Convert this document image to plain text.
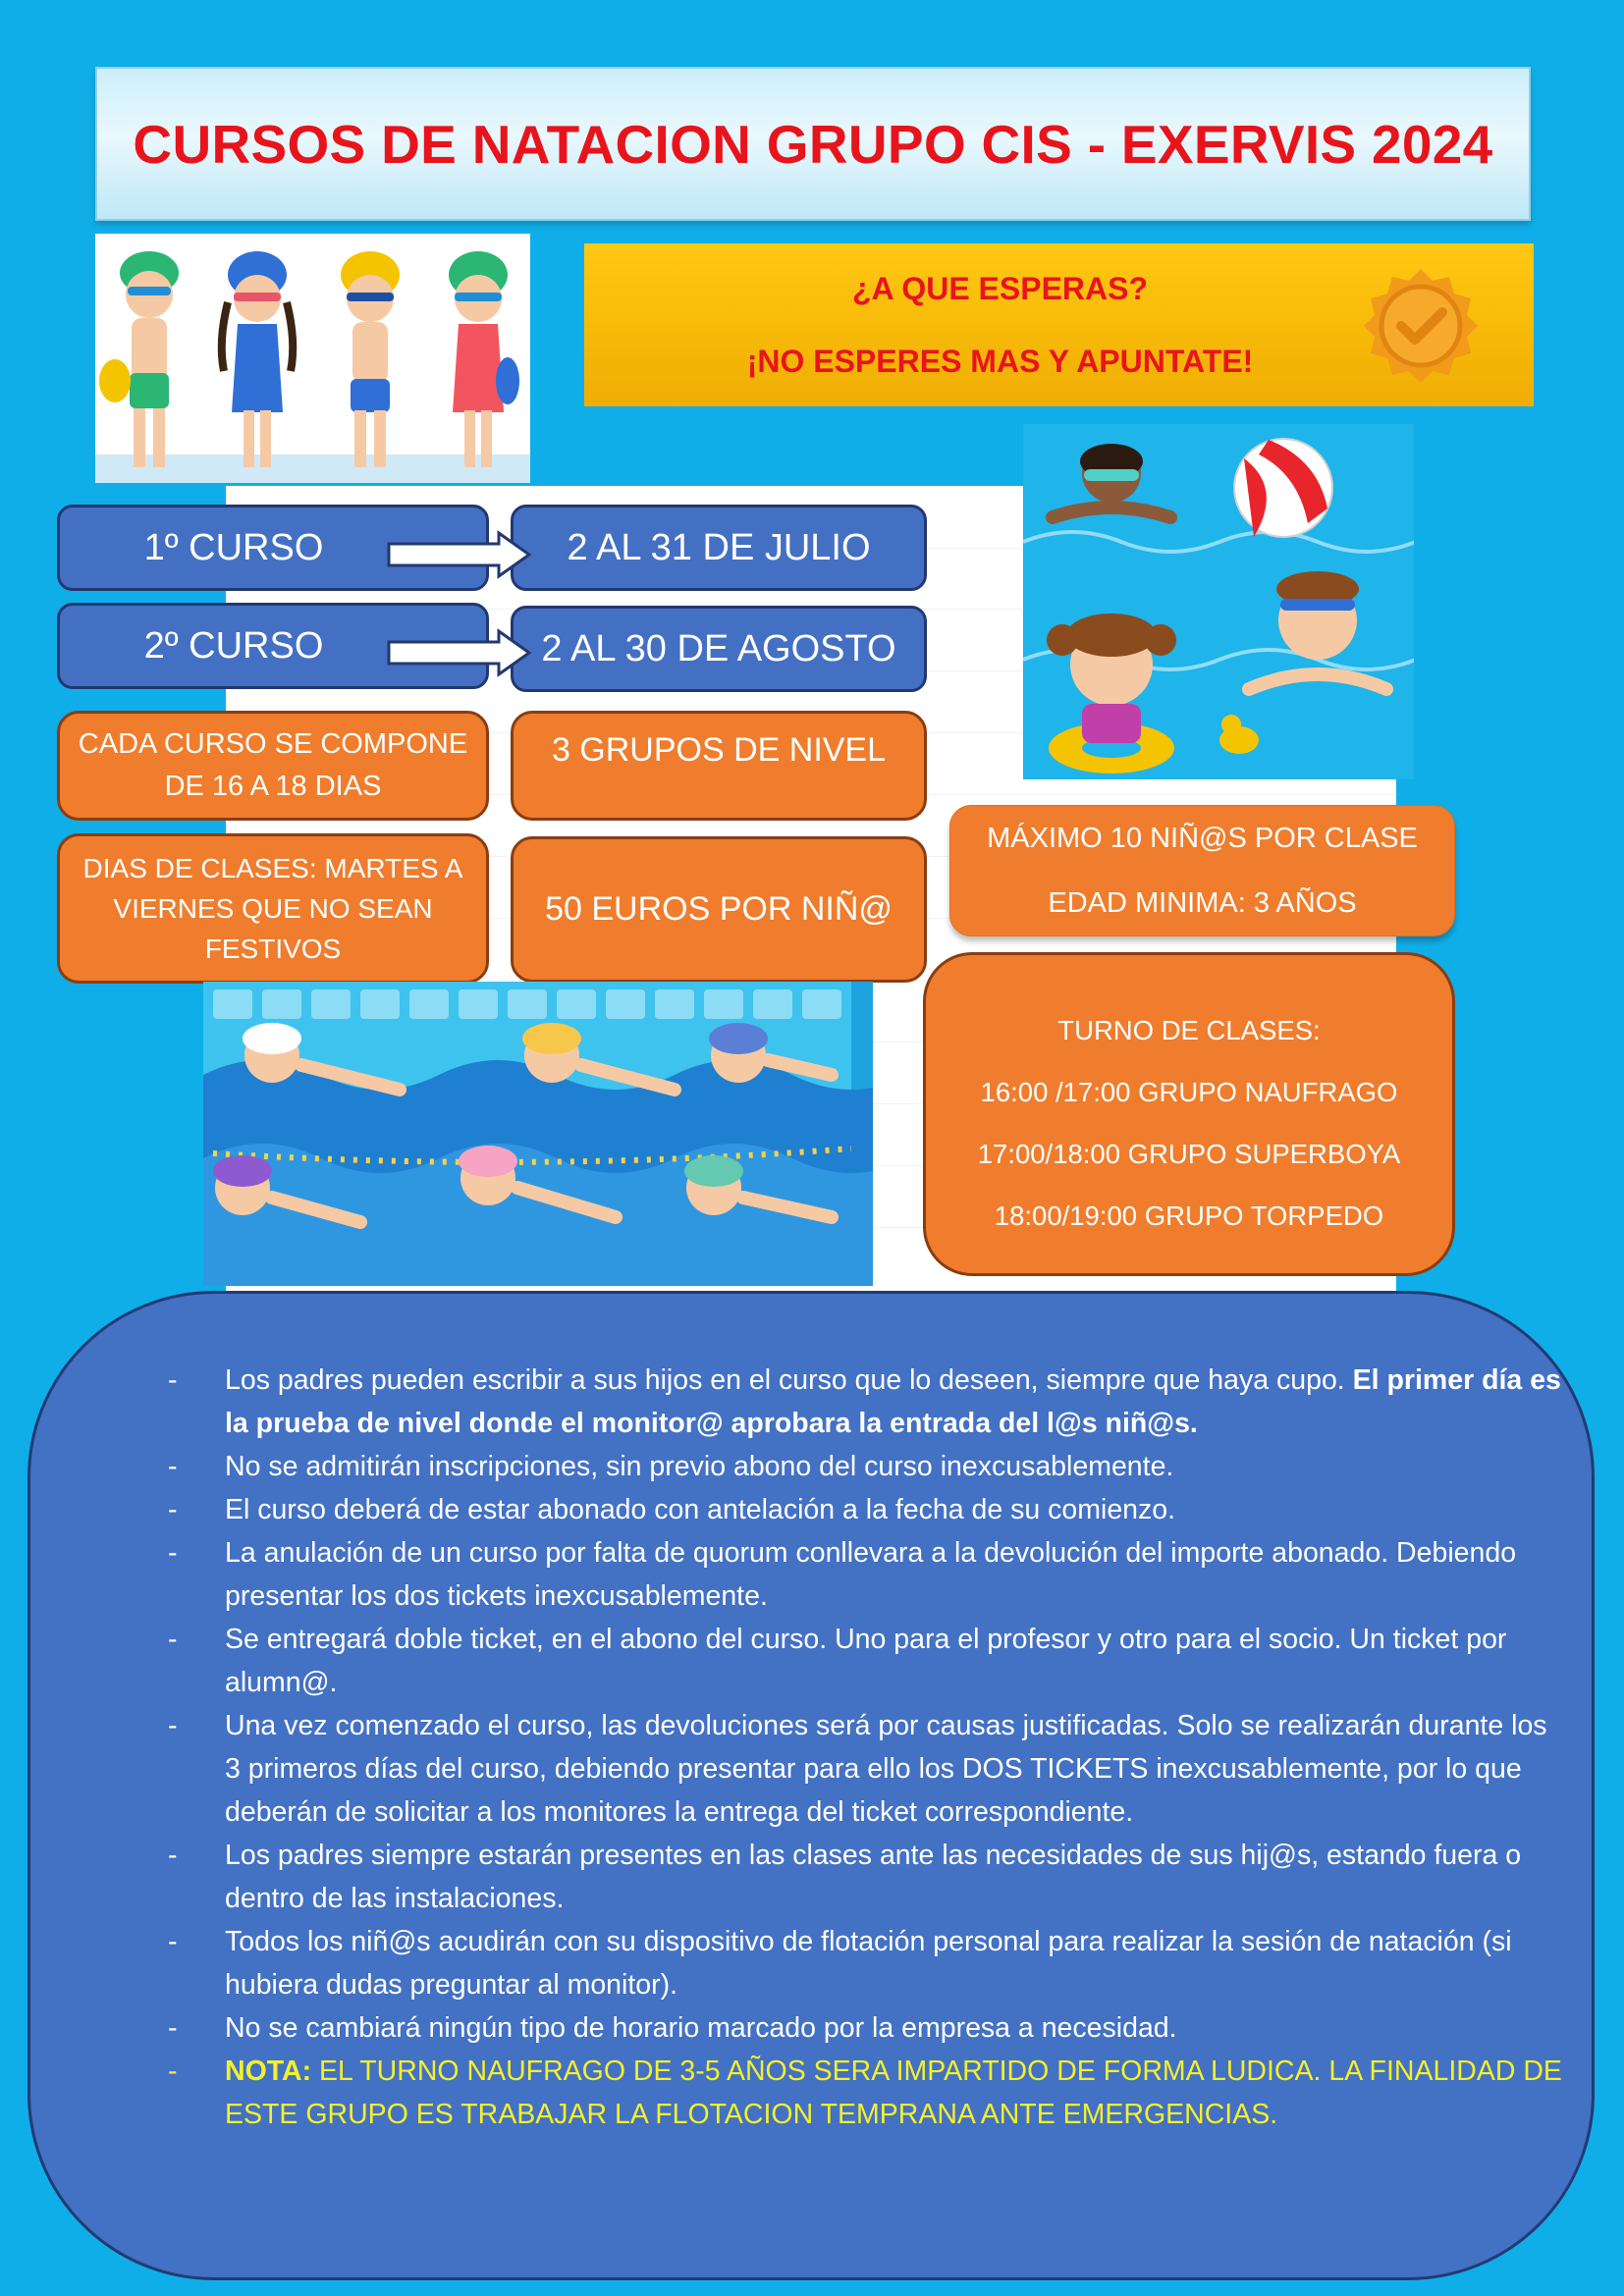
CURSOS DE NATACION GRUPO CIS - EXERVIS 2024
¿A QUE ESPERAS?
¡NO ESPERES MAS Y APUNTATE!
1º CURSO	2 AL 31 DE JULIO
2º CURSO	2 AL 30 DE AGOSTO
CADA CURSO SE COMPONE
DE 16 A 18 DIAS
3 GRUPOS DE NIVEL
DIAS DE CLASES: MARTES A
VIERNES QUE NO SEAN
FESTIVOS
50 EUROS POR NIÑ@
MÁXIMO 10 NIÑ@S POR CLASE
EDAD MINIMA: 3 AÑOS
TURNO DE CLASES:
16:00 /17:00 GRUPO NAUFRAGO
17:00/18:00 GRUPO SUPERBOYA
18:00/19:00 GRUPO TORPEDO
- Los padres pueden escribir a sus hijos en el curso que lo deseen, siempre que haya cupo. El primer día es la prueba de nivel donde el monitor@ aprobara la entrada del l@s niñ@s.
- No se admitirán inscripciones, sin previo abono del curso inexcusablemente.
- El curso deberá de estar abonado con antelación a la fecha de su comienzo.
- La anulación de un curso por falta de quorum conllevara a la devolución del importe abonado. Debiendo presentar los dos tickets inexcusablemente.
- Se entregará doble ticket, en el abono del curso. Uno para el profesor y otro para el socio. Un ticket por alumn@.
- Una vez comenzado el curso, las devoluciones será por causas justificadas. Solo se realizarán durante los 3 primeros días del curso, debiendo presentar para ello los DOS TICKETS inexcusablemente, por lo que deberán de solicitar a los monitores la entrega del ticket correspondiente.
- Los padres siempre estarán presentes en las clases ante las necesidades de sus hij@s, estando fuera o dentro de las instalaciones.
- Todos los niñ@s acudirán con su dispositivo de flotación personal para realizar la sesión de natación (si hubiera dudas preguntar al monitor).
- No se cambiará ningún tipo de horario marcado por la empresa a necesidad.
- NOTA: EL TURNO NAUFRAGO DE 3-5 AÑOS SERA IMPARTIDO DE FORMA LUDICA. LA FINALIDAD DE ESTE GRUPO ES TRABAJAR LA FLOTACION TEMPRANA ANTE EMERGENCIAS.
